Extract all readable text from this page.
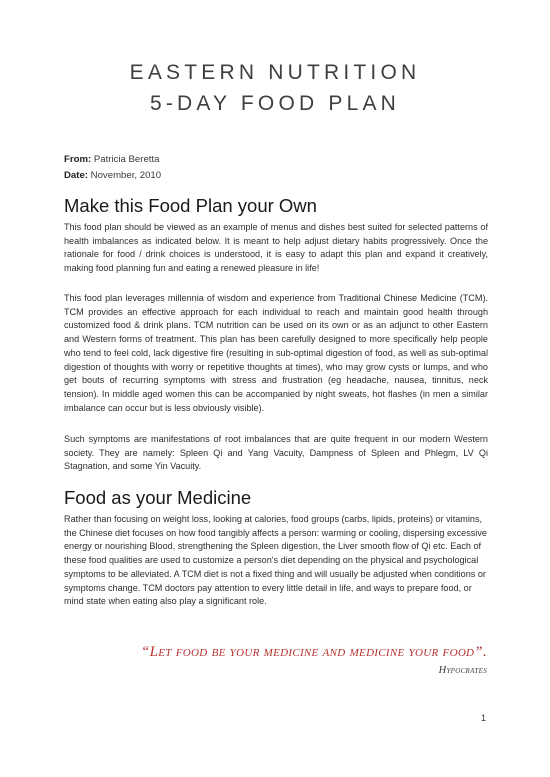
EASTERN NUTRITION
5-DAY FOOD PLAN
From: Patricia Beretta
Date: November, 2010
Make this Food Plan your Own

This food plan should be viewed as an example of menus and dishes best suited for selected patterns of health imbalances as indicated below. It is meant to help adjust dietary habits progressively. Once the rationale for food / drink choices is understood, it is easy to adapt this plan and expand it creatively, making food planning fun and eating a renewed pleasure in life!

This food plan leverages millennia of wisdom and experience from Traditional Chinese Medicine (TCM). TCM provides an effective approach for each individual to reach and maintain good health through customized food & drink plans. TCM nutrition can be used on its own or as an adjunct to other Eastern and Western forms of treatment. This plan has been carefully designed to more specifically help people who tend to feel cold, lack digestive fire (resulting in sub-optimal digestion of food, as well as sub-optimal digestion of thoughts with worry or repetitive thoughts at times), who may grow cysts or lumps, and who get bouts of recurring symptoms with stress and frustration (eg headache, nausea, tinnitus, neck tension). In middle aged women this can be accompanied by night sweats, hot flashes (in men a similar imbalance can occur but is less obviously visible).

Such symptoms are manifestations of root imbalances that are quite frequent in our modern Western society. They are namely: Spleen Qi and Yang Vacuity, Dampness of Spleen and Phlegm, LV Qi Stagnation, and some Yin Vacuity.

Food as your Medicine

Rather than focusing on weight loss, looking at calories, food groups (carbs, lipids, proteins) or vitamins, the Chinese diet focuses on how food tangibly affects a person: warming or cooling, dispersing excessive energy or nourishing Blood, strengthening the Spleen digestion, the Liver smooth flow of Qi etc. Each of these food qualities are used to customize a person's diet depending on the physical and psychological symptoms to be alleviated. A TCM diet is not a fixed thing and will usually be adjusted when conditions or symptoms change. TCM doctors pay attention to every little detail in life, and ways to prepare food, or mind state when eating also play a significant role.

“Let food be your medicine and medicine your food”.
Hypocrates
1
